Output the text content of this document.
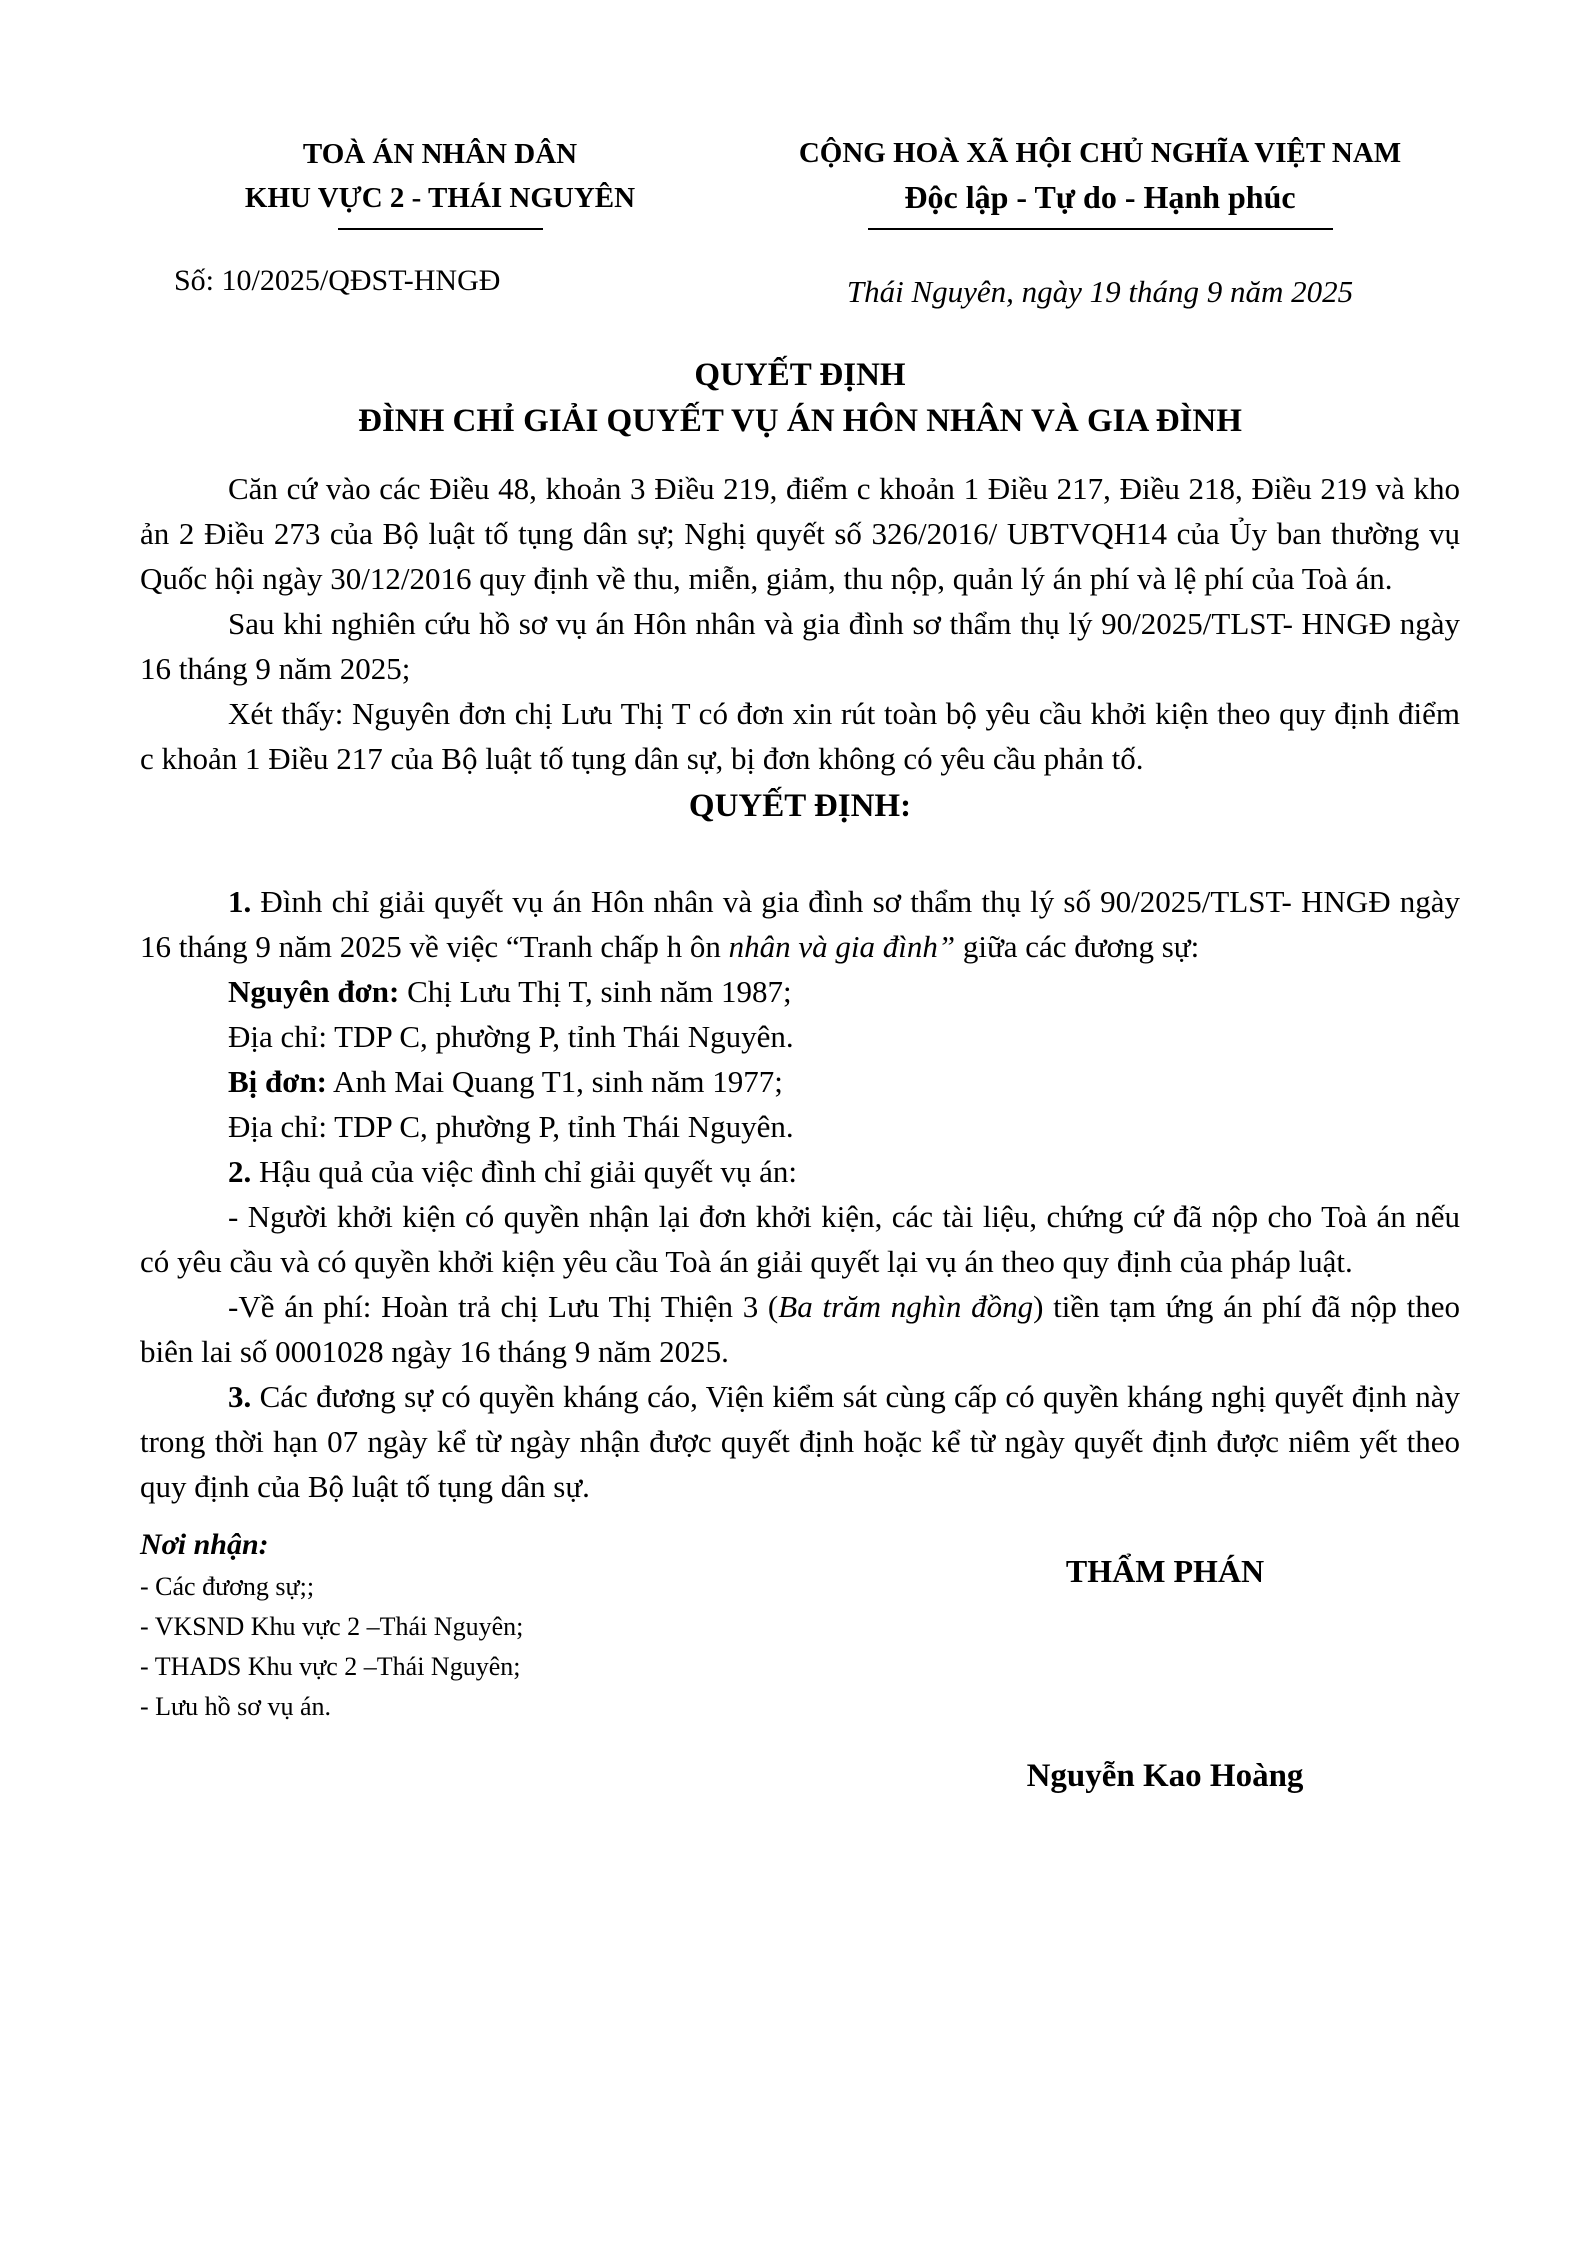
TOÀ ÁN NHÂN DÂN
KHU VỰC 2 - THÁI NGUYÊN
Số: 10/2025/QĐST-HNGĐ
CỘNG HOÀ XÃ HỘI CHỦ NGHĨA VIỆT NAM
Độc lập - Tự do - Hạnh phúc
Thái Nguyên, ngày 19 tháng 9 năm 2025
QUYẾT ĐỊNH
ĐÌNH CHỈ GIẢI QUYẾT VỤ ÁN HÔN NHÂN VÀ GIA ĐÌNH

Căn cứ vào các Điều 48, khoản 3 Điều 219, điểm c khoản 1 Điều 217, Điều 218, Điều 219 và kho ản 2 Điều 273 của Bộ luật tố tụng dân sự; Nghị quyết số 326/2016/ UBTVQH14 của Ủy ban thường vụ Quốc hội ngày 30/12/2016 quy định về thu, miễn, giảm, thu nộp, quản lý án phí và lệ phí của Toà án.

Sau khi nghiên cứu hồ sơ vụ án Hôn nhân và gia đình sơ thẩm thụ lý 90/2025/TLST- HNGĐ ngày 16 tháng 9 năm 2025;

Xét thấy: Nguyên đơn chị Lưu Thị T có đơn xin rút toàn bộ yêu cầu khởi kiện theo quy định điểm c khoản 1 Điều 217 của Bộ luật tố tụng dân sự, bị đơn không có yêu cầu phản tố.

QUYẾT ĐỊNH:

1. Đình chỉ giải quyết vụ án Hôn nhân và gia đình sơ thẩm thụ lý số 90/2025/TLST- HNGĐ ngày 16 tháng 9 năm 2025 về việc “Tranh chấp h ôn nhân và gia đình” giữa các đương sự:

Nguyên đơn: Chị Lưu Thị T, sinh năm 1987;

Địa chỉ: TDP C, phường P, tỉnh Thái Nguyên.

Bị đơn: Anh Mai Quang T1, sinh năm 1977;

Địa chỉ: TDP C, phường P, tỉnh Thái Nguyên.

2. Hậu quả của việc đình chỉ giải quyết vụ án:

- Người khởi kiện có quyền nhận lại đơn khởi kiện, các tài liệu, chứng cứ đã nộp cho Toà án nếu có yêu cầu và có quyền khởi kiện yêu cầu Toà án giải quyết lại vụ án theo quy định của pháp luật.

-Về án phí: Hoàn trả chị Lưu Thị Thiện 3 (Ba trăm nghìn đồng) tiền tạm ứng án phí đã nộp theo biên lai số 0001028 ngày 16 tháng 9 năm 2025.

3. Các đương sự có quyền kháng cáo, Viện kiểm sát cùng cấp có quyền kháng nghị quyết định này trong thời hạn 07 ngày kể từ ngày nhận được quyết định hoặc kể từ ngày quyết định được niêm yết theo quy định của Bộ luật tố tụng dân sự.

Nơi nhận:
- Các đương sự;;
- VKSND Khu vực 2 –Thái Nguyên;
- THADS Khu vực 2 –Thái Nguyên;
- Lưu hồ sơ vụ án.
THẨM PHÁN
Nguyễn Kao Hoàng
